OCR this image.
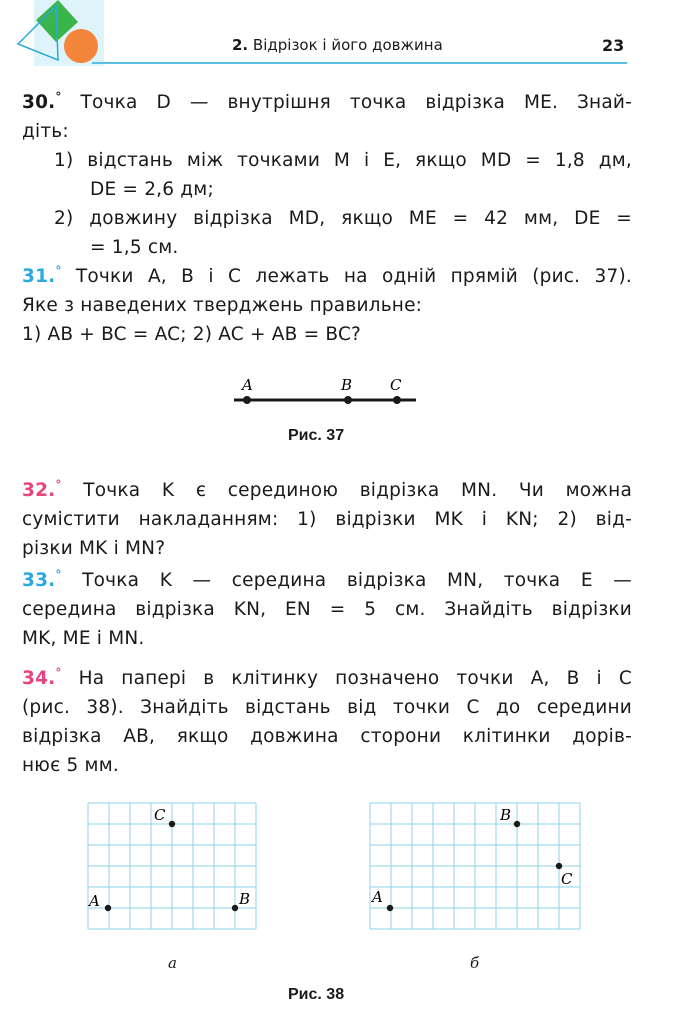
2. Відрізок і його довжина	23
30.° Точка D — внутрішня точка відрізка ME. Знай-
діть:
1) відстань між точками M і E, якщо MD = 1,8 дм,
DE = 2,6 дм;
2) довжину відрізка MD, якщо ME = 42 мм, DE =
= 1,5 см.
31.° Точки A, B і C лежать на одній прямій (рис. 37).
Яке з наведених тверджень правильне:
1) AB + BC = AC; 2) AC + AB = BC?
A	B	C
Рис. 37
32.° Точка K є серединою відрізка MN. Чи можна
сумістити накладанням: 1) відрізки MK і KN; 2) від-
різки MK і MN?
33.° Точка K — середина відрізка MN, точка E —
середина відрізка KN, EN = 5 см. Знайдіть відрізки
MK, ME і MN.
34.° На папері в клітинку позначено точки A, B і C
(рис. 38). Знайдіть відстань від точки C до середини
відрізка AB, якщо довжина сторони клітинки дорів-
нює 5 мм.
C
A	B
B
C
A
а	б
Рис. 38
